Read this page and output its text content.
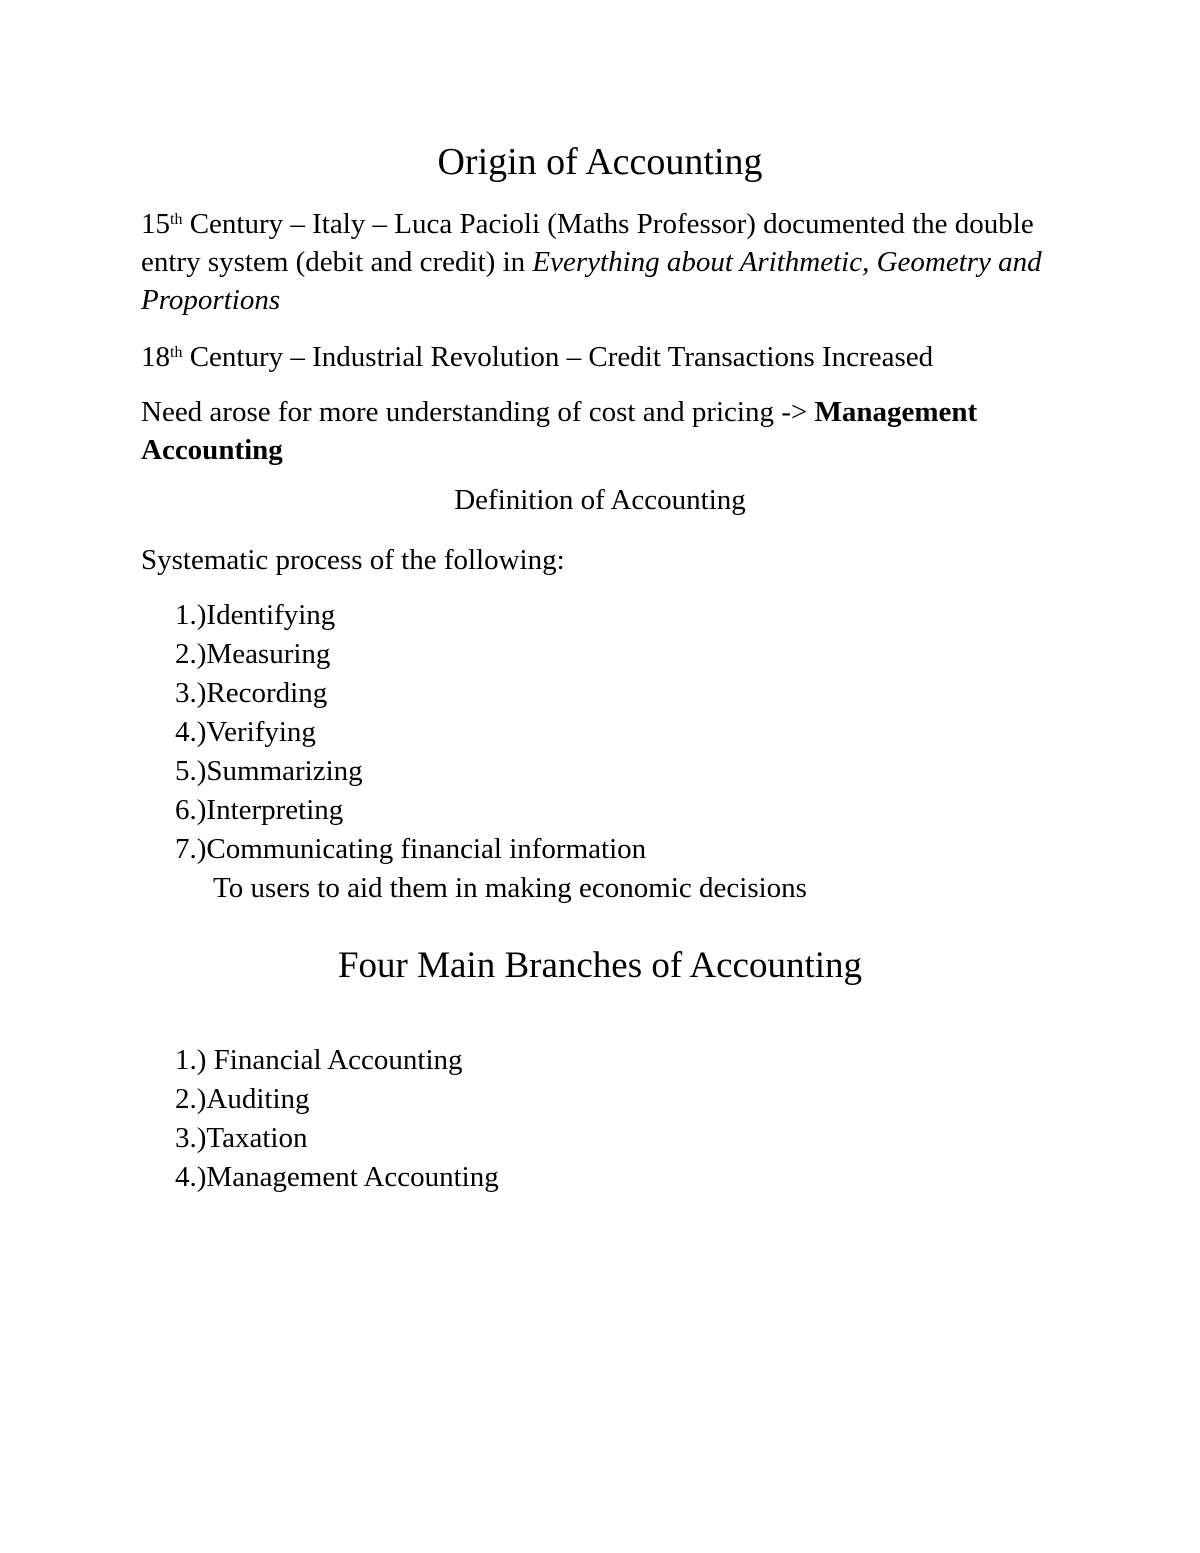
Origin of Accounting

15th Century – Italy – Luca Pacioli (Maths Professor) documented the double entry system (debit and credit) in Everything about Arithmetic, Geometry and Proportions

18th Century – Industrial Revolution – Credit Transactions Increased

Need arose for more understanding of cost and pricing -> Management Accounting

Definition of Accounting

Systematic process of the following:

1.)Identifying
2.)Measuring
3.)Recording
4.)Verifying
5.)Summarizing
6.)Interpreting
7.)Communicating financial information
To users to aid them in making economic decisions
Four Main Branches of Accounting
1.) Financial Accounting
2.)Auditing
3.)Taxation
4.)Management Accounting
